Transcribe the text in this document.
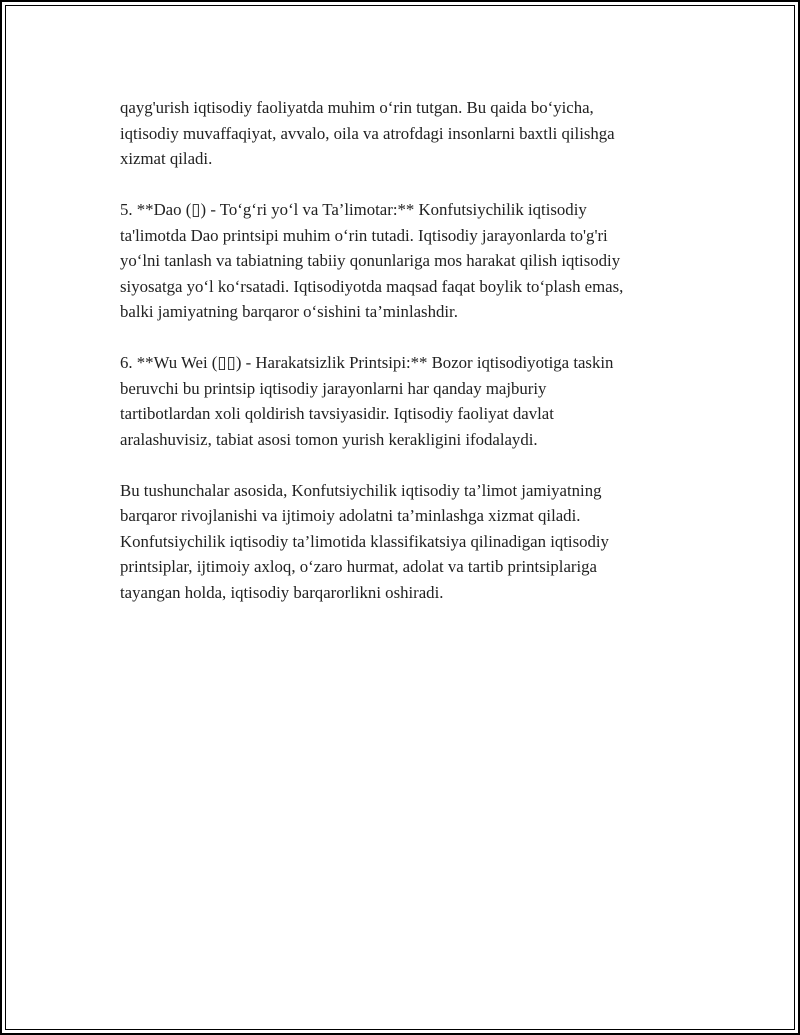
qayg'urish iqtisodiy faoliyatda muhim o‘rin tutgan. Bu qaida bo‘yicha,
iqtisodiy muvaffaqiyat, avvalo, oila va atrofdagi insonlarni baxtli qilishga
xizmat qiladi.

5. **Dao (▯) - To‘g‘ri yo‘l va Ta’limotar:** Konfutsiychilik iqtisodiy
ta'limotda Dao printsipi muhim o‘rin tutadi. Iqtisodiy jarayonlarda to'g'ri
yo‘lni tanlash va tabiatning tabiiy qonunlariga mos harakat qilish iqtisodiy
siyosatga yo‘l ko‘rsatadi. Iqtisodiyotda maqsad faqat boylik to‘plash emas,
balki jamiyatning barqaror o‘sishini ta’minlashdir.

6. **Wu Wei (▯▯) - Harakatsizlik Printsipi:** Bozor iqtisodiyotiga taskin
beruvchi bu printsip iqtisodiy jarayonlarni har qanday majburiy
tartibotlardan xoli qoldirish tavsiyasidir. Iqtisodiy faoliyat davlat
aralashuvisiz, tabiat asosi tomon yurish kerakligini ifodalaydi.

Bu tushunchalar asosida, Konfutsiychilik iqtisodiy ta’limot jamiyatning
barqaror rivojlanishi va ijtimoiy adolatni ta’minlashga xizmat qiladi.
Konfutsiychilik iqtisodiy ta’limotida klassifikatsiya qilinadigan iqtisodiy
printsiplar, ijtimoiy axloq, o‘zaro hurmat, adolat va tartib printsiplariga
tayangan holda, iqtisodiy barqarorlikni oshiradi.
